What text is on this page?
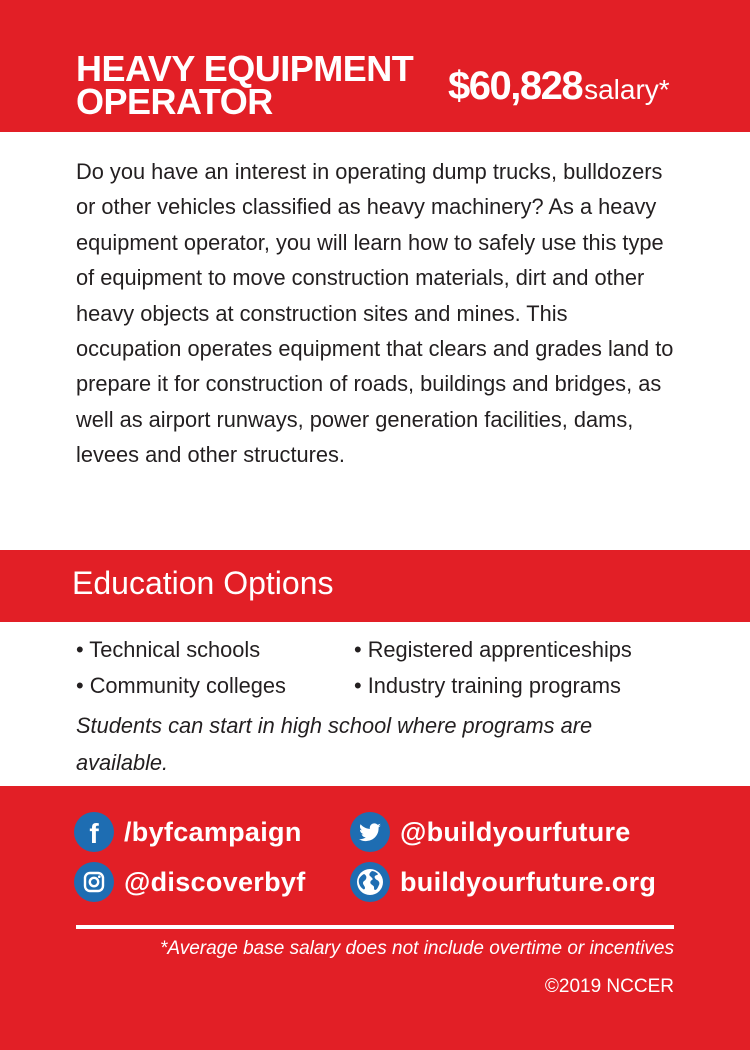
HEAVY EQUIPMENT
OPERATOR	$60,828salary*

Do you have an interest in operating dump trucks, bulldozers or other vehicles classified as heavy machinery? As a heavy equipment operator, you will learn how to safely use this type of equipment to move construction materials, dirt and other heavy objects at construction sites and mines. This occupation operates equipment that clears and grades land to prepare it for construction of roads, buildings and bridges, as well as airport runways, power generation facilities, dams, levees and other structures.

Education Options
• Technical schools
• Community colleges
• Registered apprenticeships
• Industry training programs

Students can start in high school where programs are available.

f /byfcampaign	@buildyourfuture
@discoverbyf	buildyourfuture.org

*Average base salary does not include overtime or incentives

©2019 NCCER
